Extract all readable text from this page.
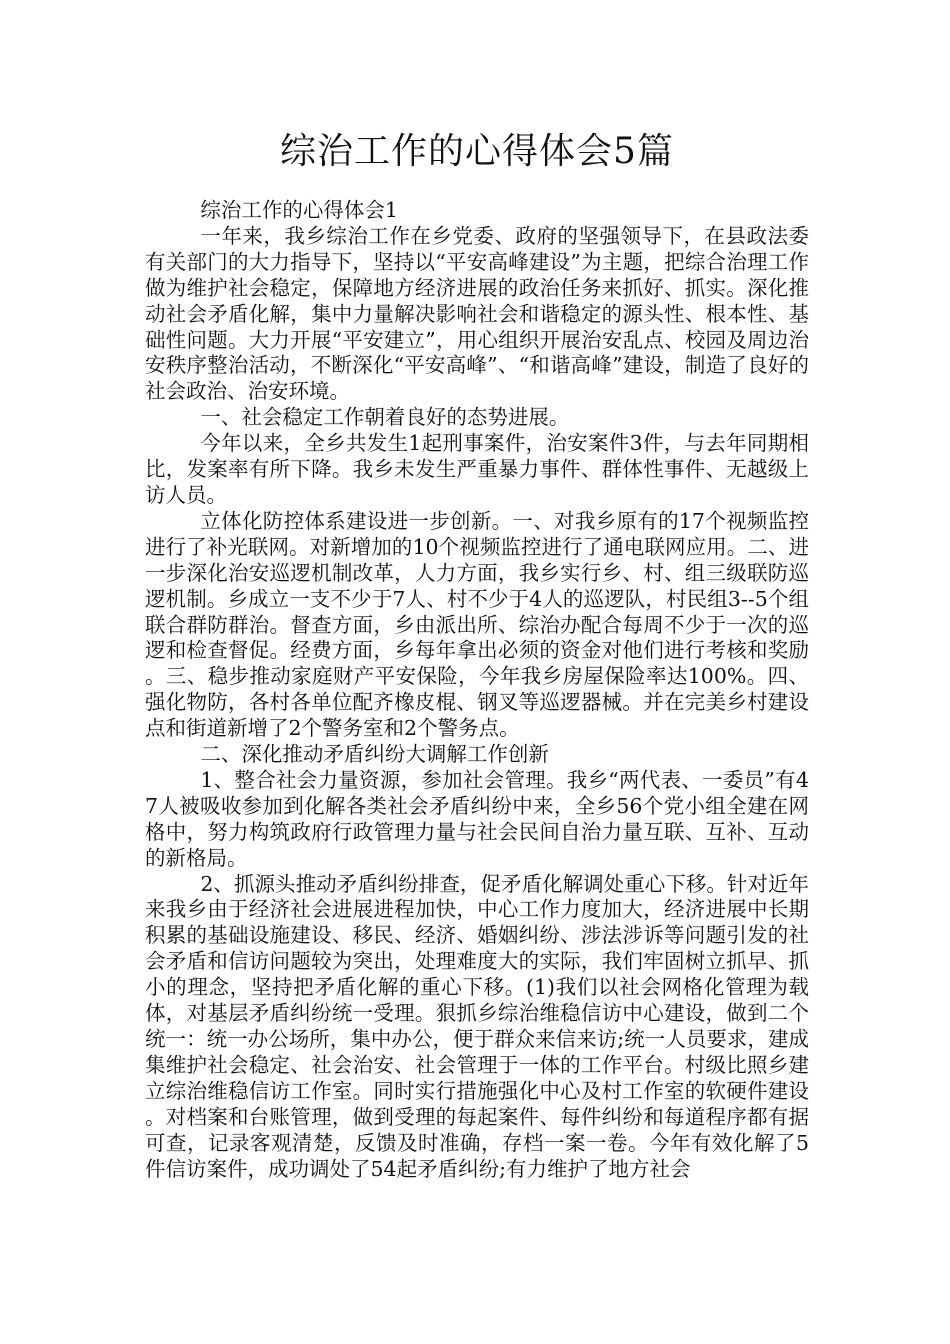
综治工作的心得体会5篇

综治工作的心得体会1

一年来，我乡综治工作在乡党委、政府的坚强领导下，在县政法委有关部门的大力指导下，坚持以“平安高峰建设”为主题，把综合治理工作做为维护社会稳定，保障地方经济进展的政治任务来抓好、抓实。深化推动社会矛盾化解，集中力量解决影响社会和谐稳定的源头性、根本性、基础性问题。大力开展“平安建立”，用心组织开展治安乱点、校园及周边治安秩序整治活动，不断深化“平安高峰”、“和谐高峰”建设，制造了良好的社会政治、治安环境。

一、社会稳定工作朝着良好的态势进展。

今年以来，全乡共发生1起刑事案件，治安案件3件，与去年同期相比，发案率有所下降。我乡未发生严重暴力事件、群体性事件、无越级上访人员。

立体化防控体系建设进一步创新。一、对我乡原有的17个视频监控进行了补光联网。对新增加的10个视频监控进行了通电联网应用。二、进一步深化治安巡逻机制改革，人力方面，我乡实行乡、村、组三级联防巡逻机制。乡成立一支不少于7人、村不少于4人的巡逻队，村民组3--5个组联合群防群治。督查方面，乡由派出所、综治办配合每周不少于一次的巡逻和检查督促。经费方面，乡每年拿出必须的资金对他们进行考核和奖励。三、稳步推动家庭财产平安保险，今年我乡房屋保险率达100%。四、强化物防，各村各单位配齐橡皮棍、钢叉等巡逻器械。并在完美乡村建设点和街道新增了2个警务室和2个警务点。

二、深化推动矛盾纠纷大调解工作创新

1、整合社会力量资源，参加社会管理。我乡“两代表、一委员”有47人被吸收参加到化解各类社会矛盾纠纷中来，全乡56个党小组全建在网格中，努力构筑政府行政管理力量与社会民间自治力量互联、互补、互动的新格局。

2、抓源头推动矛盾纠纷排查，促矛盾化解调处重心下移。针对近年来我乡由于经济社会进展进程加快，中心工作力度加大，经济进展中长期积累的基础设施建设、移民、经济、婚姻纠纷、涉法涉诉等问题引发的社会矛盾和信访问题较为突出，处理难度大的实际，我们牢固树立抓早、抓小的理念，坚持把矛盾化解的重心下移。(1)我们以社会网格化管理为载体，对基层矛盾纠纷统一受理。狠抓乡综治维稳信访中心建设，做到二个统一：统一办公场所，集中办公，便于群众来信来访;统一人员要求，建成集维护社会稳定、社会治安、社会管理于一体的工作平台。村级比照乡建立综治维稳信访工作室。同时实行措施强化中心及村工作室的软硬件建设。对档案和台账管理，做到受理的每起案件、每件纠纷和每道程序都有据可查，记录客观清楚，反馈及时准确，存档一案一卷。今年有效化解了5件信访案件，成功调处了54起矛盾纠纷;有力维护了地方社会
